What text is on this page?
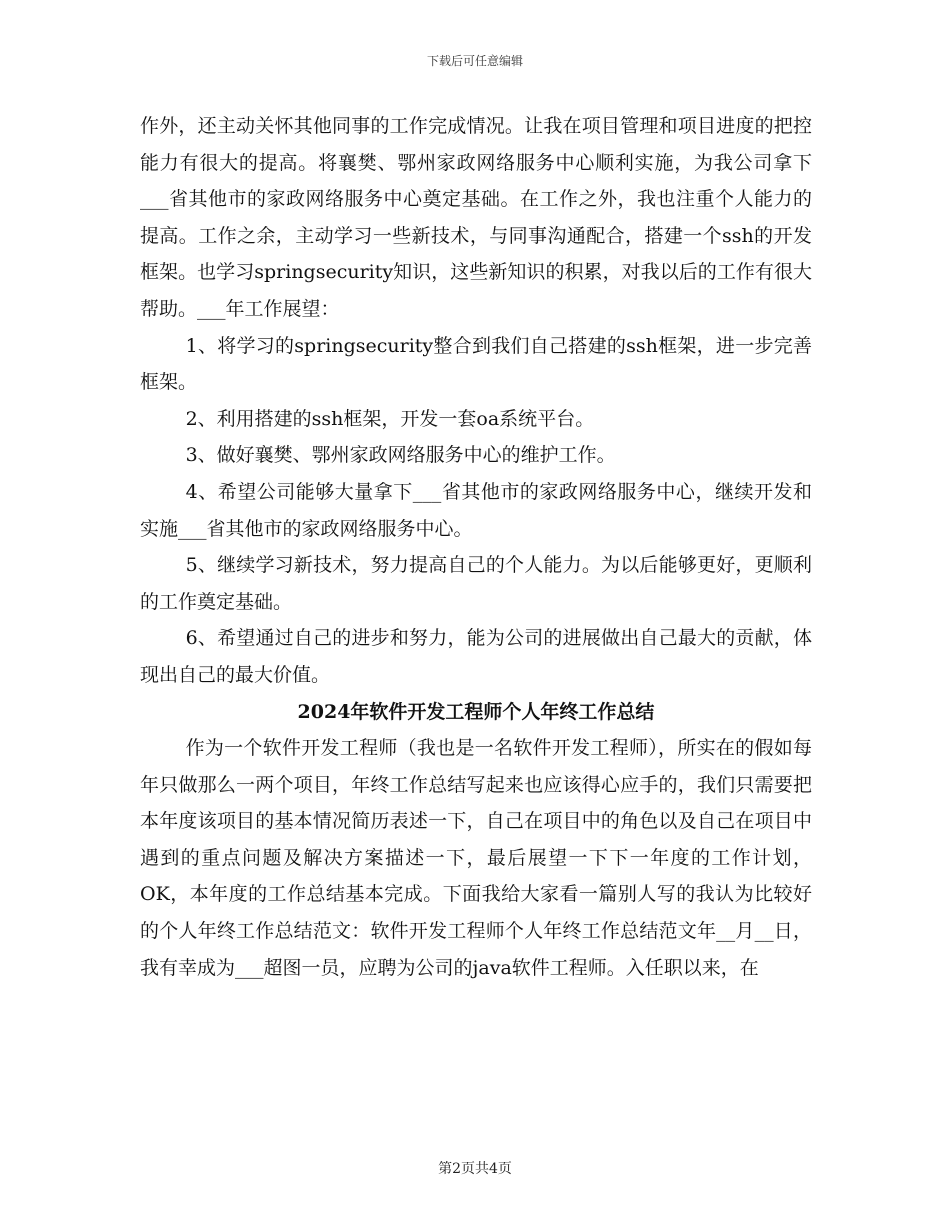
下载后可任意编辑

作外，还主动关怀其他同事的工作完成情况。让我在项目管理和项目进度的把控能力有很大的提高。将襄樊、鄂州家政网络服务中心顺利实施，为我公司拿下___省其他市的家政网络服务中心奠定基础。在工作之外，我也注重个人能力的提高。工作之余，主动学习一些新技术，与同事沟通配合，搭建一个ssh的开发框架。也学习springsecurity知识，这些新知识的积累，对我以后的工作有很大帮助。___年工作展望：

1、将学习的springsecurity整合到我们自己搭建的ssh框架，进一步完善框架。

2、利用搭建的ssh框架，开发一套oa系统平台。

3、做好襄樊、鄂州家政网络服务中心的维护工作。

4、希望公司能够大量拿下___省其他市的家政网络服务中心，继续开发和实施___省其他市的家政网络服务中心。

5、继续学习新技术，努力提高自己的个人能力。为以后能够更好，更顺利的工作奠定基础。

6、希望通过自己的进步和努力，能为公司的进展做出自己最大的贡献，体现出自己的最大价值。

2024年软件开发工程师个人年终工作总结

作为一个软件开发工程师（我也是一名软件开发工程师），所实在的假如每年只做那么一两个项目，年终工作总结写起来也应该得心应手的，我们只需要把本年度该项目的基本情况简历表述一下，自己在项目中的角色以及自己在项目中遇到的重点问题及解决方案描述一下，最后展望一下下一年度的工作计划，OK，本年度的工作总结基本完成。下面我给大家看一篇别人写的我认为比较好的个人年终工作总结范文：软件开发工程师个人年终工作总结范文年__月__日，我有幸成为___超图一员，应聘为公司的java软件工程师。入任职以来，在

第2页共4页
